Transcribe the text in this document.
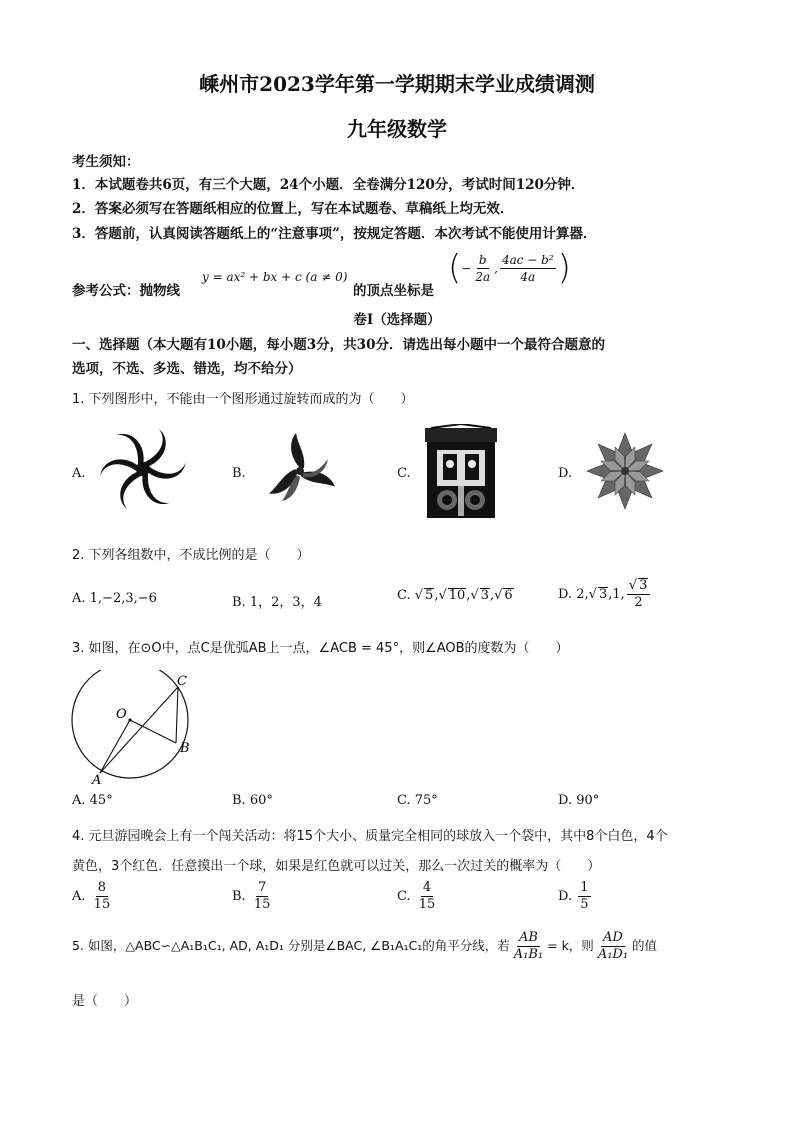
嵊州市2023学年第一学期期末学业成绩调测
九年级数学
考生须知：
1．本试题卷共6页，有三个大题，24个小题．全卷满分120分，考试时间120分钟．
2．答案必须写在答题纸相应的位置上，写在本试题卷、草稿纸上均无效．
3．答题前，认真阅读答题纸上的“注意事项”，按规定答题．本次考试不能使用计算器．
参考公式：抛物线
y = ax² + bx + c (a ≠ 0)
的顶点坐标是
(− $\frac{b}{2a}$ , $\frac{\text{4ac − b²}}{4a}$ )
卷Ⅰ（选择题）
一、选择题（本大题有10小题，每小题3分，共30分．请选出每小题中一个最符合题意的
选项，不选、多选、错选，均不给分）
1. 下列图形中，不能由一个图形通过旋转而成的为（　　）
A.	B.	C.	D.
2. 下列各组数中，不成比例的是（　　）
A. 1,−2,3,−6	B. 1，2，3，4	C. √ 5,√ 10,√ 3,√ 6	D. 2,√ 3,1, $\frac{√ 3}{2}$
3. 如图，在⊙O中，点C是优弧AB上一点，∠ACB = 45°，则∠AOB的度数为（　　）
O
A
B
C
A. 45°	B. 60°	C. 75°	D. 90°
4. 元旦游园晚会上有一个闯关活动：将15个大小、质量完全相同的球放入一个袋中，其中8个白色，4个
黄色，3个红色．任意摸出一个球，如果是红色就可以过关，那么一次过关的概率为（　　）
A. $\frac{8}{15}$	B. $\frac{7}{15}$	C. $\frac{4}{15}$	D. $\frac{1}{5}$
5. 如图，△ABC∽△A₁B₁C₁, AD, A₁D₁ 分别是∠BAC, ∠B₁A₁C₁的角平分线，若 $\frac{AB}{\text{A₁B₁}} = k$，则 $\frac{AD}{\text{A₁D₁}}$ 的值
是（　　）
